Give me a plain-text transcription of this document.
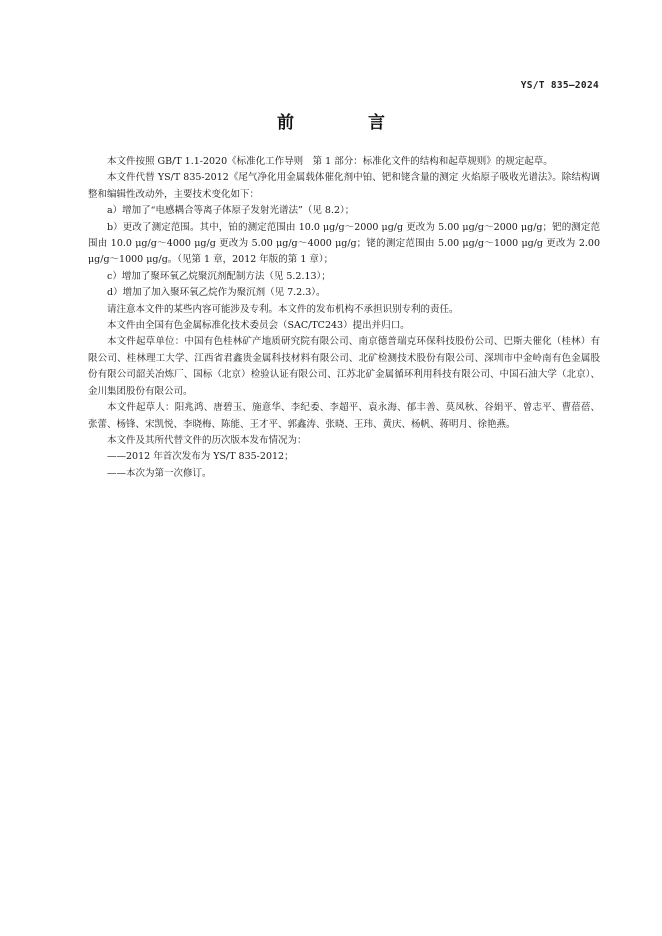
YS/T 835—2024
前 言

本文件按照 GB/T 1.1-2020《标准化工作导则　第 1 部分：标准化文件的结构和起草规则》的规定起草。

本文件代替 YS/T 835-2012《尾气净化用金属载体催化剂中铂、钯和铑含量的测定 火焰原子吸收光谱法》。除结构调整和编辑性改动外，主要技术变化如下：

a）增加了“电感耦合等离子体原子发射光谱法”（见 8.2）；

b）更改了测定范围。其中，铂的测定范围由 10.0 μg/g～2000 μg/g 更改为 5.00 μg/g～2000 μg/g；钯的测定范围由 10.0 μg/g～4000 μg/g 更改为 5.00 μg/g～4000 μg/g；铑的测定范围由 5.00 μg/g～1000 μg/g 更改为 2.00 μg/g～1000 μg/g。（见第 1 章，2012 年版的第 1 章）；

c）增加了聚环氧乙烷聚沉剂配制方法（见 5.2.13）；

d）增加了加入聚环氧乙烷作为聚沉剂（见 7.2.3）。

请注意本文件的某些内容可能涉及专利。本文件的发布机构不承担识别专利的责任。

本文件由全国有色金属标准化技术委员会（SAC/TC243）提出并归口。

本文件起草单位：中国有色桂林矿产地质研究院有限公司、南京德普瑞克环保科技股份公司、巴斯夫催化（桂林）有限公司、桂林理工大学、江西省君鑫贵金属科技材料有限公司、北矿检测技术股份有限公司、深圳市中金岭南有色金属股份有限公司韶关冶炼厂、国标（北京）检验认证有限公司、江苏北矿金属循环利用科技有限公司、中国石油大学（北京）、金川集团股份有限公司。

本文件起草人：阳兆鸿、唐碧玉、施意华、李纪委、李超平、袁永海、郁丰善、莫凤秋、谷娟平、曾志平、曹蓓蓓、张蕾、杨锋、宋凯悦、李晓梅、陈能、王才平、郭鑫涛、张晓、王玮、黄庆、杨帆、蒋明月、徐艳燕。

本文件及其所代替文件的历次版本发布情况为：

——2012 年首次发布为 YS/T 835-2012；

——本次为第一次修订。
